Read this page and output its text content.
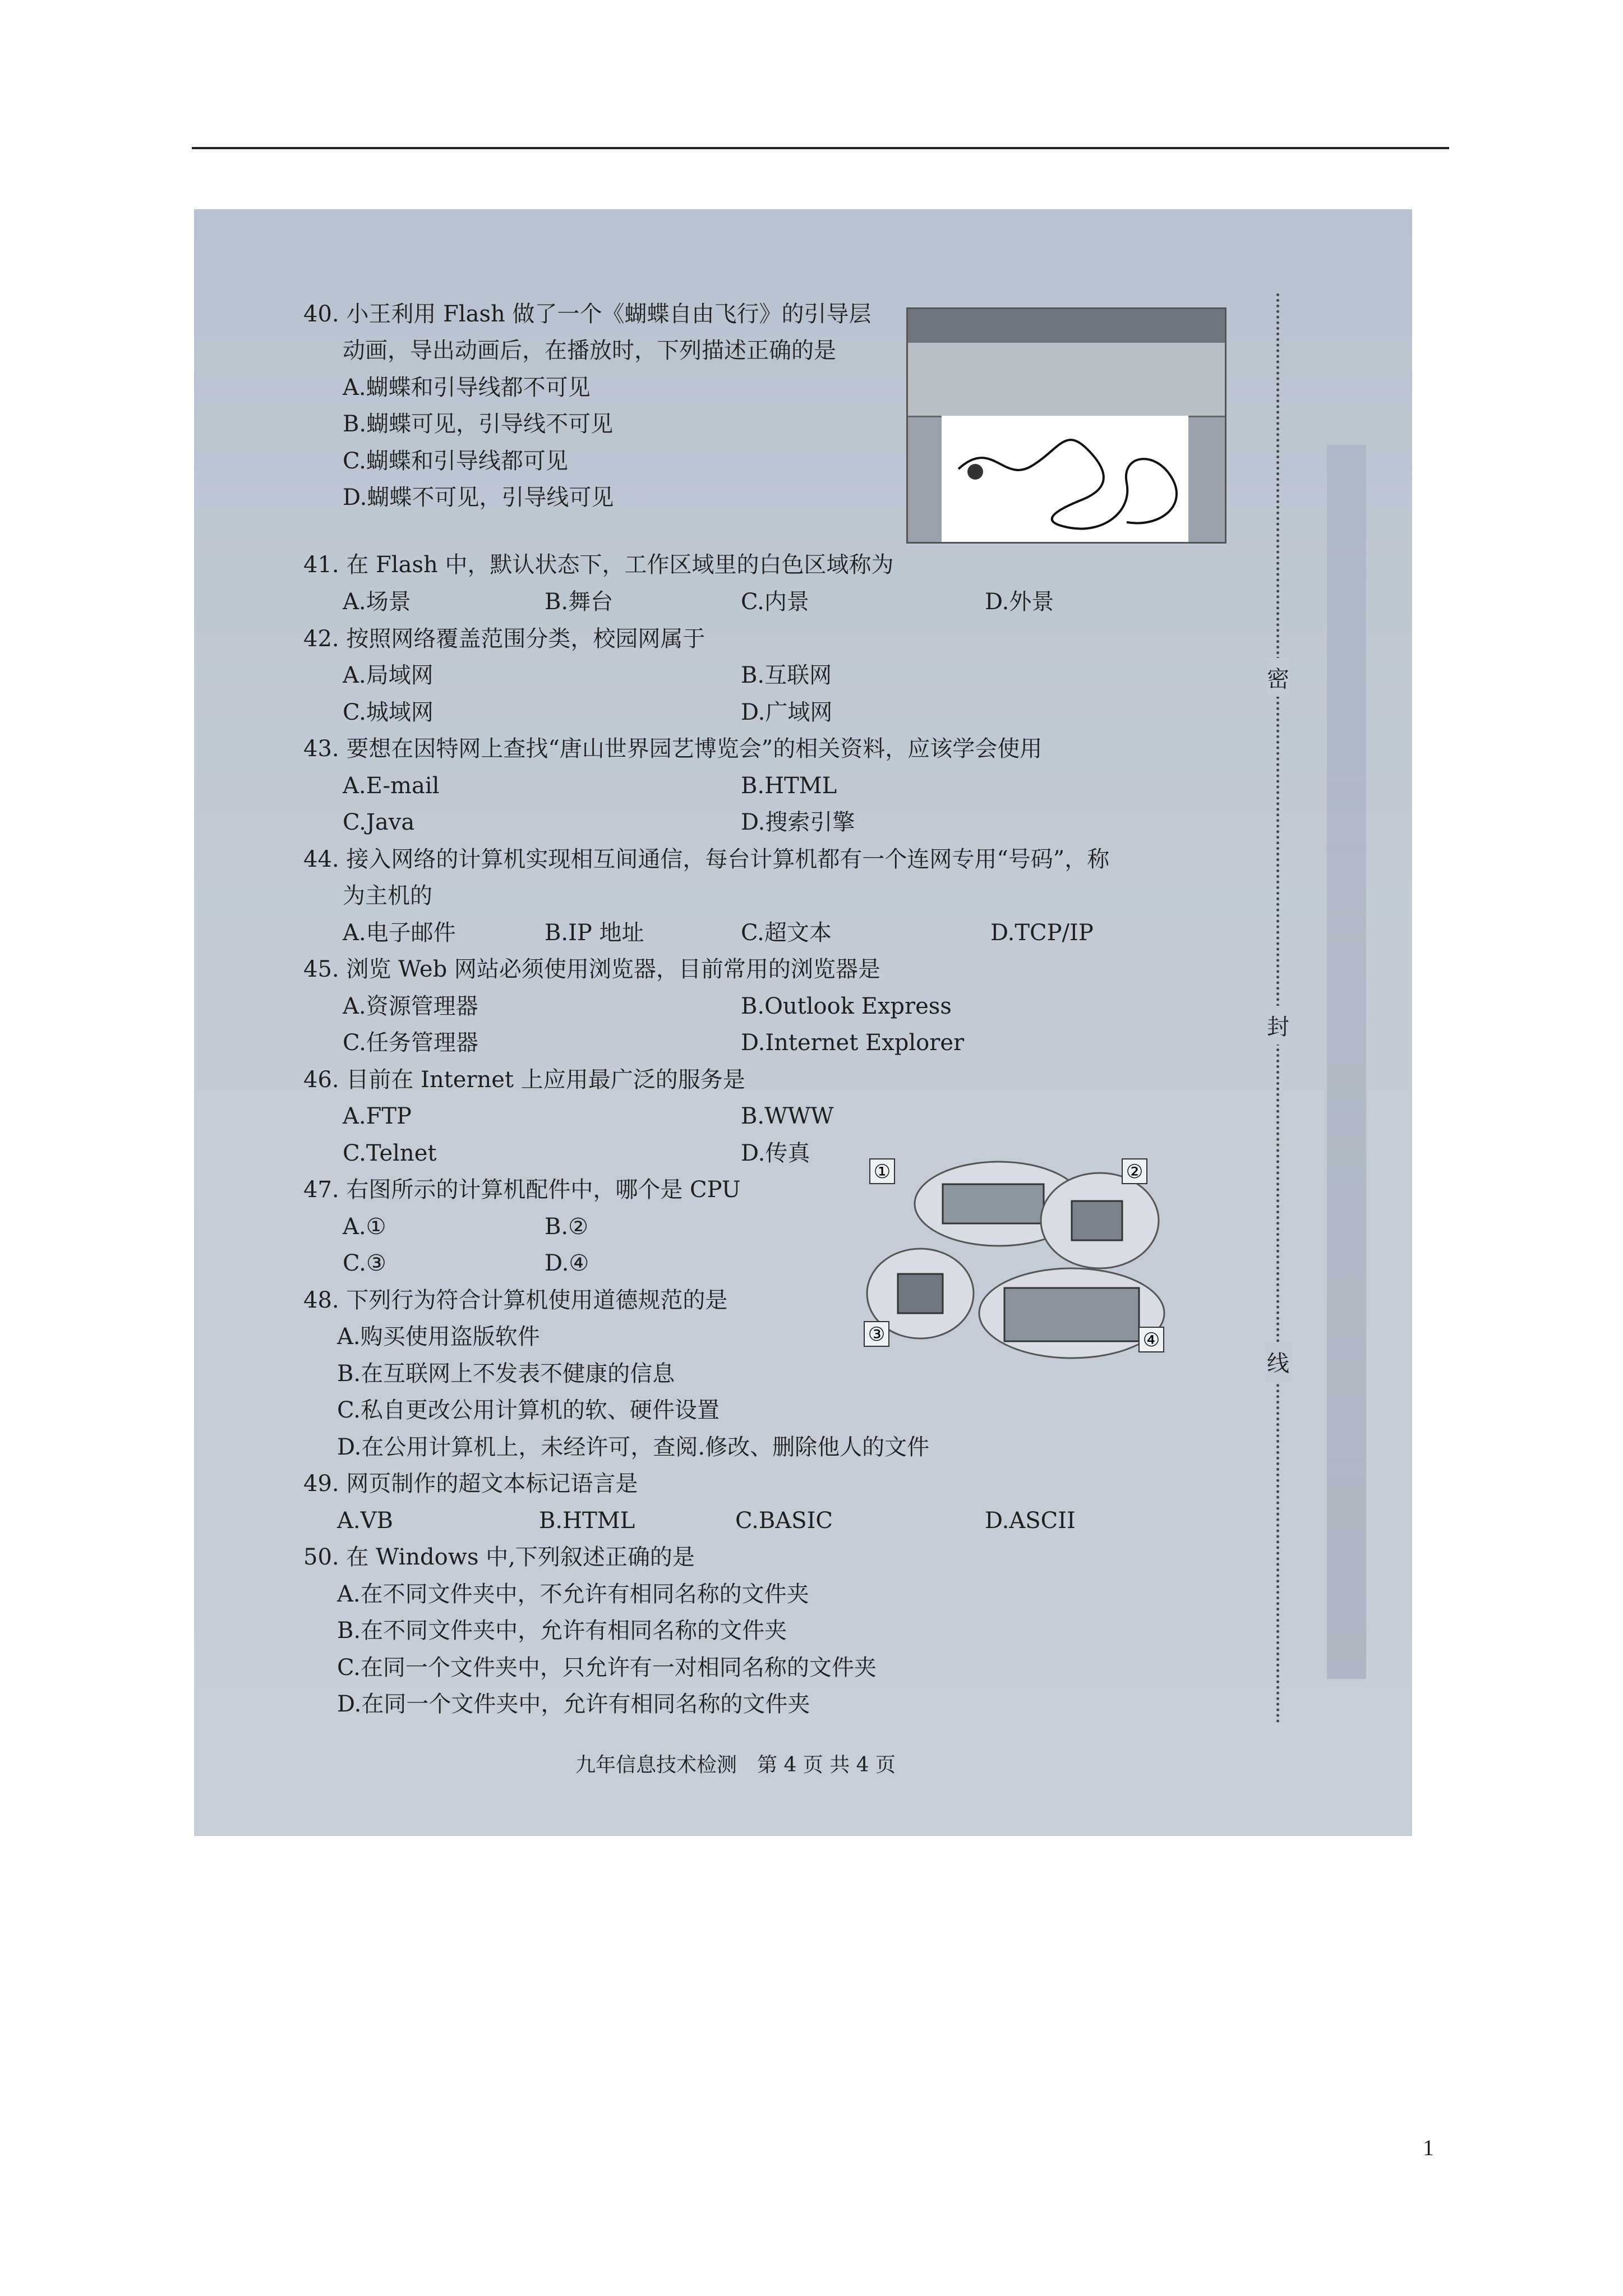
40. 小王利用 Flash 做了一个《蝴蝶自由飞行》的引导层
动画，导出动画后，在播放时，下列描述正确的是
A.蝴蝶和引导线都不可见
B.蝴蝶可见，引导线不可见
C.蝴蝶和引导线都可见
D.蝴蝶不可见，引导线可见
41. 在 Flash 中，默认状态下，工作区域里的白色区域称为
A.场景	B.舞台	C.内景	D.外景
42. 按照网络覆盖范围分类，校园网属于
A.局域网	B.互联网
C.城域网	D.广域网
43. 要想在因特网上查找“唐山世界园艺博览会”的相关资料，应该学会使用
A.E-mail	B.HTML
C.Java	D.搜索引擎
44. 接入网络的计算机实现相互间通信，每台计算机都有一个连网专用“号码”，称
为主机的
A.电子邮件	B.IP 地址	C.超文本	D.TCP/IP
45. 浏览 Web 网站必须使用浏览器，目前常用的浏览器是
A.资源管理器	B.Outlook Express
C.任务管理器	D.Internet Explorer
46. 目前在 Internet 上应用最广泛的服务是
A.FTP	B.WWW
C.Telnet	D.传真
47. 右图所示的计算机配件中，哪个是 CPU
A.①	B.②
C.③	D.④
①	②
③	④
48. 下列行为符合计算机使用道德规范的是
A.购买使用盗版软件
B.在互联网上不发表不健康的信息
C.私自更改公用计算机的软、硬件设置
D.在公用计算机上，未经许可，查阅.修改、删除他人的文件
49. 网页制作的超文本标记语言是
A.VB	B.HTML	C.BASIC	D.ASCII
50. 在 Windows 中,下列叙述正确的是
A.在不同文件夹中，不允许有相同名称的文件夹
B.在不同文件夹中，允许有相同名称的文件夹
C.在同一个文件夹中，只允许有一对相同名称的文件夹
D.在同一个文件夹中，允许有相同名称的文件夹
密
封
线
九年信息技术检测　第 4 页 共 4 页
1
